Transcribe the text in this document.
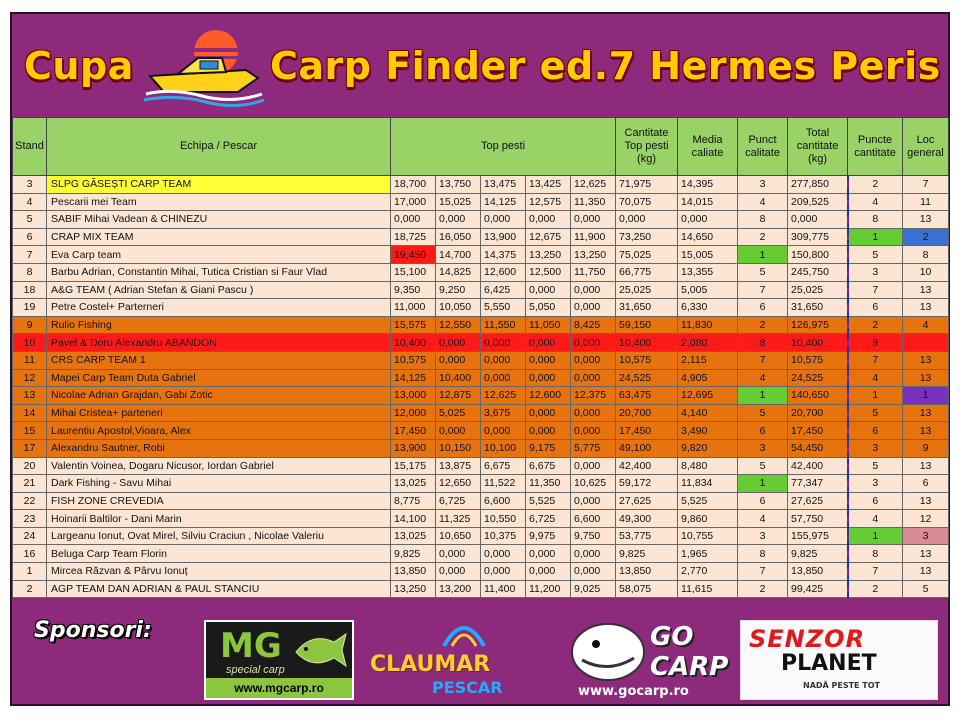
Cupa	Carp Finder ed.7 Hermes Peris
Stand	Echipa / Pescar	Top pesti					Cantitate Top pesti (kg)	Media caliate	Punct calitate	Total cantitate (kg)	Puncte cantitate	Loc general
3	SLPG GĂSEȘTI CARP TEAM	18,700	13,750	13,475	13,425	12,625	71,975	14,395	3	277,850	2	7
4	Pescarii mei Team	17,000	15,025	14,125	12,575	11,350	70,075	14,015	4	209,525	4	11
5	SABIF Mihai Vadean & CHINEZU	0,000	0,000	0,000	0,000	0,000	0,000	0,000	8	0,000	8	13
6	CRAP MIX TEAM	18,725	16,050	13,900	12,675	11,900	73,250	14,650	2	309,775	1	2
7	Eva Carp team	19,450	14,700	14,375	13,250	13,250	75,025	15,005	1	150,800	5	8
8	Barbu Adrian, Constantin Mihai, Tutica Cristian si Faur Vlad	15,100	14,825	12,600	12,500	11,750	66,775	13,355	5	245,750	3	10
18	A&G TEAM ( Adrian Stefan & Giani Pascu )	9,350	9,250	6,425	0,000	0,000	25,025	5,005	7	25,025	7	13
19	Petre Costel+ Parterneri	11,000	10,050	5,550	5,050	0,000	31,650	6,330	6	31,650	6	13
9	Rulio Fishing	15,575	12,550	11,550	11,050	8,425	59,150	11,830	2	126,975	2	4
10	Pavel & Doru Alexandru ABANDON	10,400	0,000	0,000	0,000	0,000	10,400	2,080	8	10,400	8	
11	CRS CARP TEAM 1	10,575	0,000	0,000	0,000	0,000	10,575	2,115	7	10,575	7	13
12	Mapei Carp Team Duta Gabriel	14,125	10,400	0,000	0,000	0,000	24,525	4,905	4	24,525	4	13
13	Nicolae Adrian Grajdan, Gabi Zotic	13,000	12,875	12,625	12,600	12,375	63,475	12,695	1	140,650	1	1
14	Mihai Cristea+ parteneri	12,000	5,025	3,675	0,000	0,000	20,700	4,140	5	20,700	5	13
15	Laurentiu Apostol,Vioara, Alex	17,450	0,000	0,000	0,000	0,000	17,450	3,490	6	17,450	6	13
17	Alexandru Sautner, Robi	13,900	10,150	10,100	9,175	5,775	49,100	9,820	3	54,450	3	9
20	Valentin Voinea, Dogaru Nicusor, Iordan Gabriel	15,175	13,875	6,675	6,675	0,000	42,400	8,480	5	42,400	5	13
21	Dark Fishing - Savu Mihai	13,025	12,650	11,522	11,350	10,625	59,172	11,834	1	77,347	3	6
22	FISH ZONE CREVEDIA	8,775	6,725	6,600	5,525	0,000	27,625	5,525	6	27,625	6	13
23	Hoinarii Baltilor - Dani Marin	14,100	11,325	10,550	6,725	6,600	49,300	9,860	4	57,750	4	12
24	Largeanu Ionut, Ovat Mirel, Silviu Craciun , Nicolae Valeriu	13,025	10,650	10,375	9,975	9,750	53,775	10,755	3	155,975	1	3
16	Beluga Carp Team Florin	9,825	0,000	0,000	0,000	0,000	9,825	1,965	8	9,825	8	13
1	Mircea Răzvan & Pârvu Ionuț	13,850	0,000	0,000	0,000	0,000	13,850	2,770	7	13,850	7	13
2	AGP TEAM DAN ADRIAN & PAUL STANCIU	13,250	13,200	11,400	11,200	9,025	58,075	11,615	2	99,425	2	5
Sponsori: MG
special carp
www.mgcarp.ro
CLAUMAR
PESCAR
GO CARP
www.gocarp.ro
SENZOR
PLANET
NADĂ PESTE TOT
